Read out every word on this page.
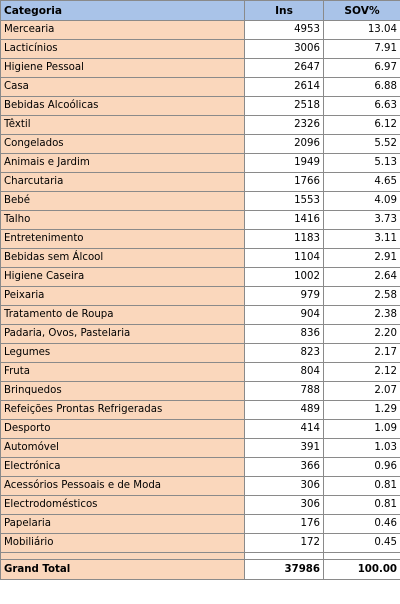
Categoria	Ins	SOV%
Mercearia	4953	13.04
Lacticínios	3006	7.91
Higiene Pessoal	2647	6.97
Casa	2614	6.88
Bebidas Alcoólicas	2518	6.63
Têxtil	2326	6.12
Congelados	2096	5.52
Animais e Jardim	1949	5.13
Charcutaria	1766	4.65
Bebé	1553	4.09
Talho	1416	3.73
Entretenimento	1183	3.11
Bebidas sem Álcool	1104	2.91
Higiene Caseira	1002	2.64
Peixaria	979	2.58
Tratamento de Roupa	904	2.38
Padaria, Ovos, Pastelaria	836	2.20
Legumes	823	2.17
Fruta	804	2.12
Brinquedos	788	2.07
Refeições Prontas Refrigeradas	489	1.29
Desporto	414	1.09
Automóvel	391	1.03
Electrónica	366	0.96
Acessórios Pessoais e de Moda	306	0.81
Electrodomésticos	306	0.81
Papelaria	176	0.46
Mobiliário	172	0.45

Grand Total	37986	100.00
